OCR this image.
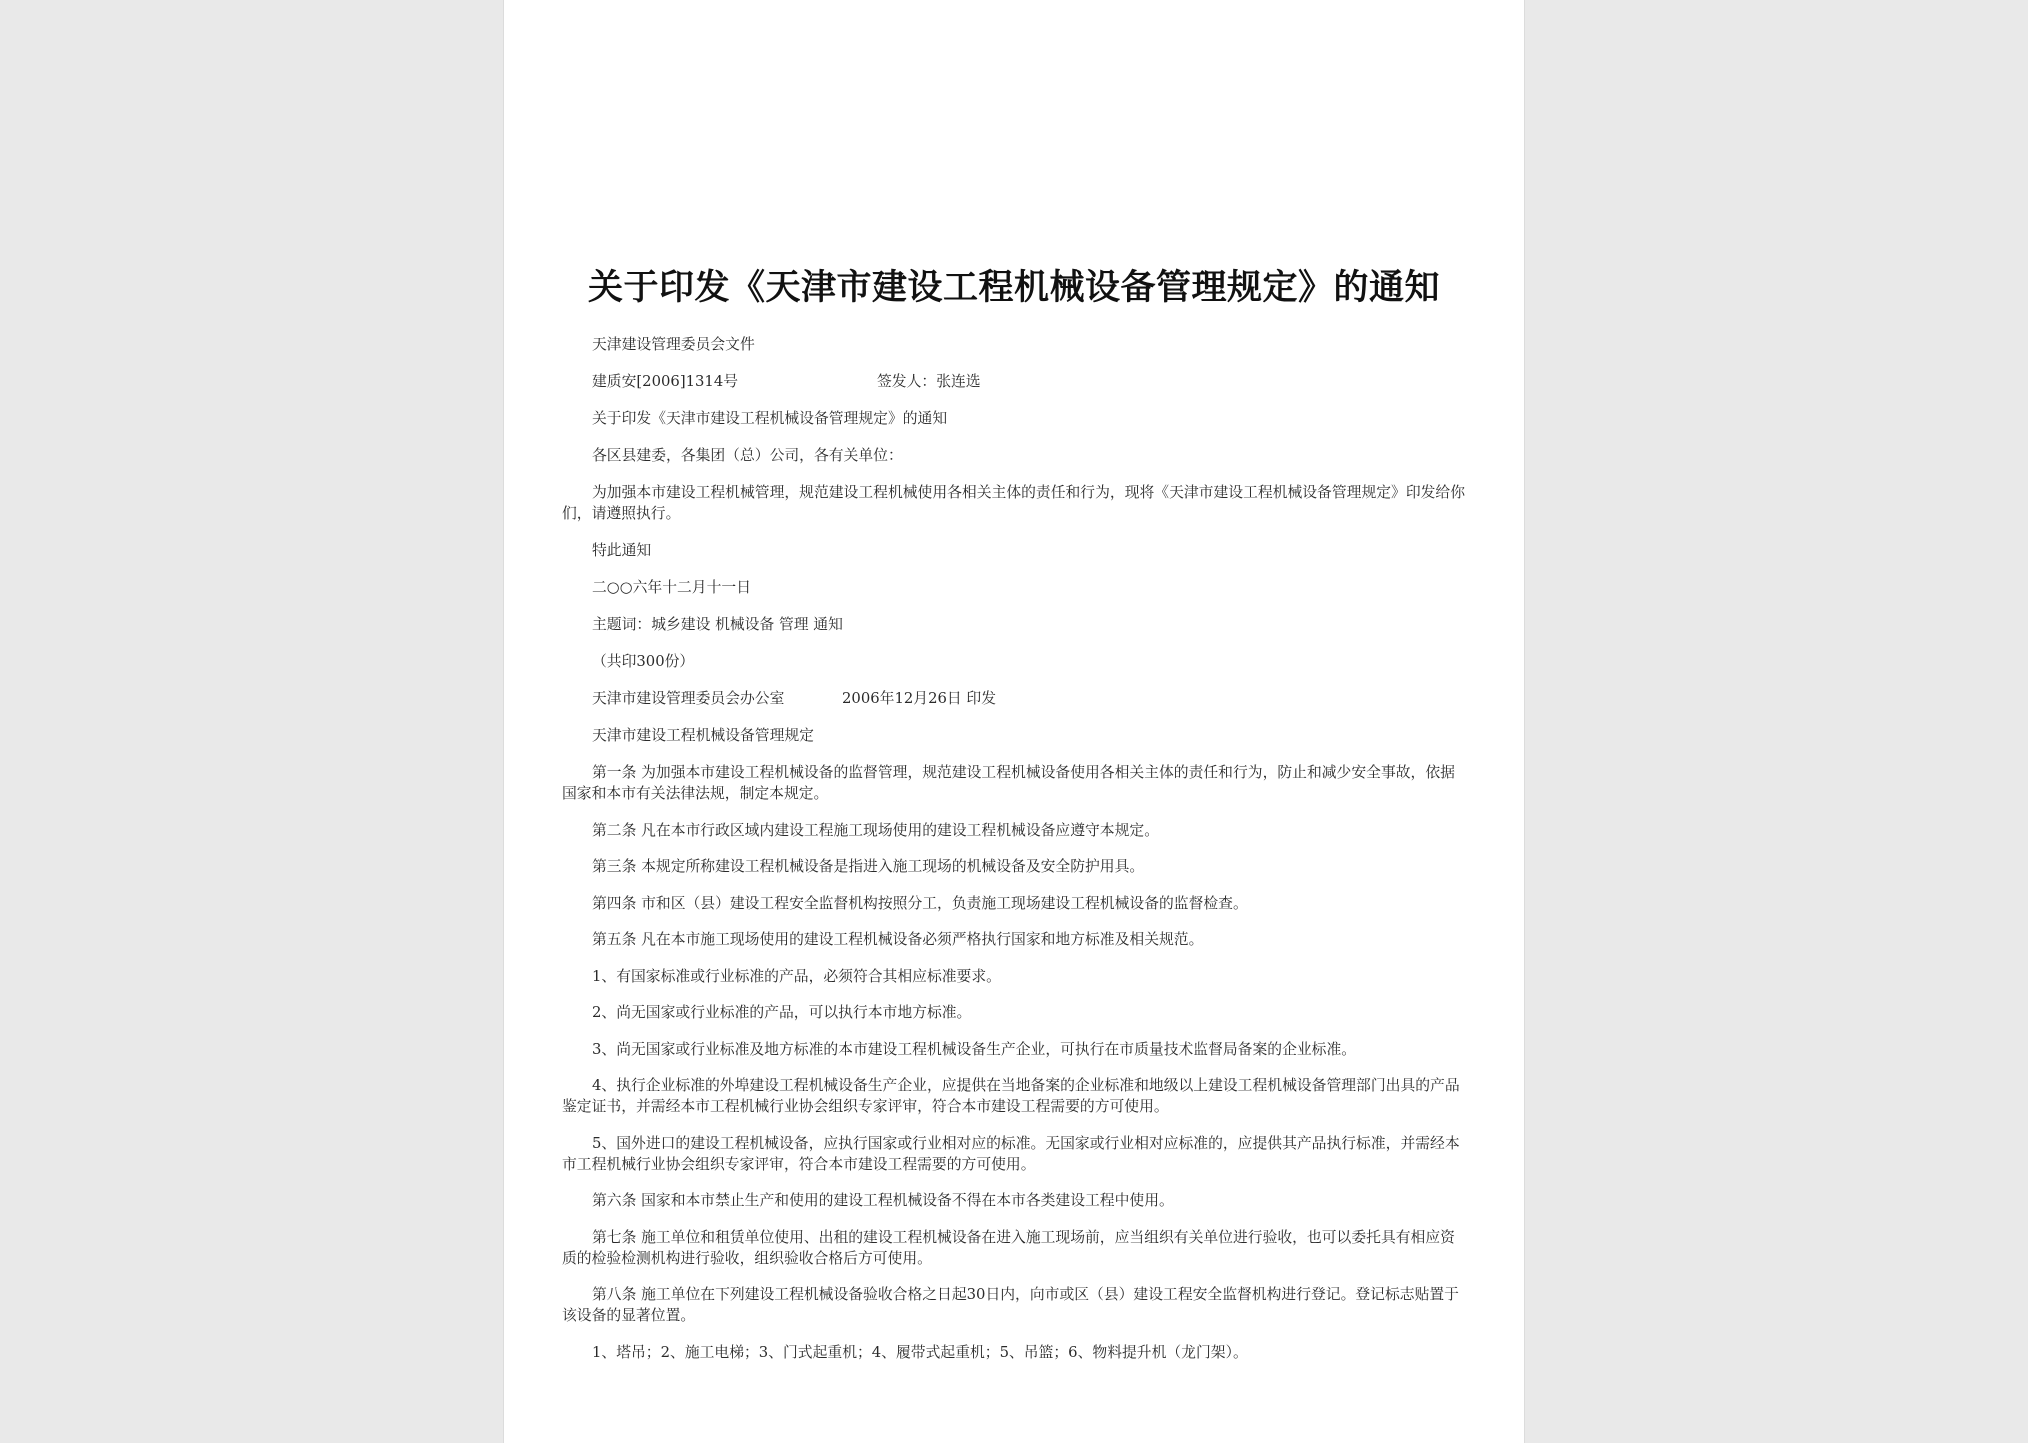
关于印发《天津市建设工程机械设备管理规定》的通知
天津建设管理委员会文件
建质安[2006]1314号	签发人：张连选
关于印发《天津市建设工程机械设备管理规定》的通知
各区县建委，各集团（总）公司，各有关单位：
为加强本市建设工程机械管理，规范建设工程机械使用各相关主体的责任和行为，现将《天津市建设工程机械设备管理规定》印发给你们，请遵照执行。
特此通知
二○○六年十二月十一日
主题词：城乡建设 机械设备 管理 通知
（共印300份）
天津市建设管理委员会办公室	2006年12月26日 印发
天津市建设工程机械设备管理规定
第一条 为加强本市建设工程机械设备的监督管理，规范建设工程机械设备使用各相关主体的责任和行为，防止和减少安全事故，依据国家和本市有关法律法规，制定本规定。
第二条 凡在本市行政区域内建设工程施工现场使用的建设工程机械设备应遵守本规定。
第三条 本规定所称建设工程机械设备是指进入施工现场的机械设备及安全防护用具。
第四条 市和区（县）建设工程安全监督机构按照分工，负责施工现场建设工程机械设备的监督检查。
第五条 凡在本市施工现场使用的建设工程机械设备必须严格执行国家和地方标准及相关规范。
1、有国家标准或行业标准的产品，必须符合其相应标准要求。
2、尚无国家或行业标准的产品，可以执行本市地方标准。
3、尚无国家或行业标准及地方标准的本市建设工程机械设备生产企业，可执行在市质量技术监督局备案的企业标准。
4、执行企业标准的外埠建设工程机械设备生产企业，应提供在当地备案的企业标准和地级以上建设工程机械设备管理部门出具的产品鉴定证书，并需经本市工程机械行业协会组织专家评审，符合本市建设工程需要的方可使用。
5、国外进口的建设工程机械设备，应执行国家或行业相对应的标准。无国家或行业相对应标准的，应提供其产品执行标准，并需经本市工程机械行业协会组织专家评审，符合本市建设工程需要的方可使用。
第六条 国家和本市禁止生产和使用的建设工程机械设备不得在本市各类建设工程中使用。
第七条 施工单位和租赁单位使用、出租的建设工程机械设备在进入施工现场前，应当组织有关单位进行验收，也可以委托具有相应资质的检验检测机构进行验收，组织验收合格后方可使用。
第八条 施工单位在下列建设工程机械设备验收合格之日起30日内，向市或区（县）建设工程安全监督机构进行登记。登记标志贴置于该设备的显著位置。
1、塔吊；2、施工电梯；3、门式起重机；4、履带式起重机；5、吊篮；6、物料提升机（龙门架）。
